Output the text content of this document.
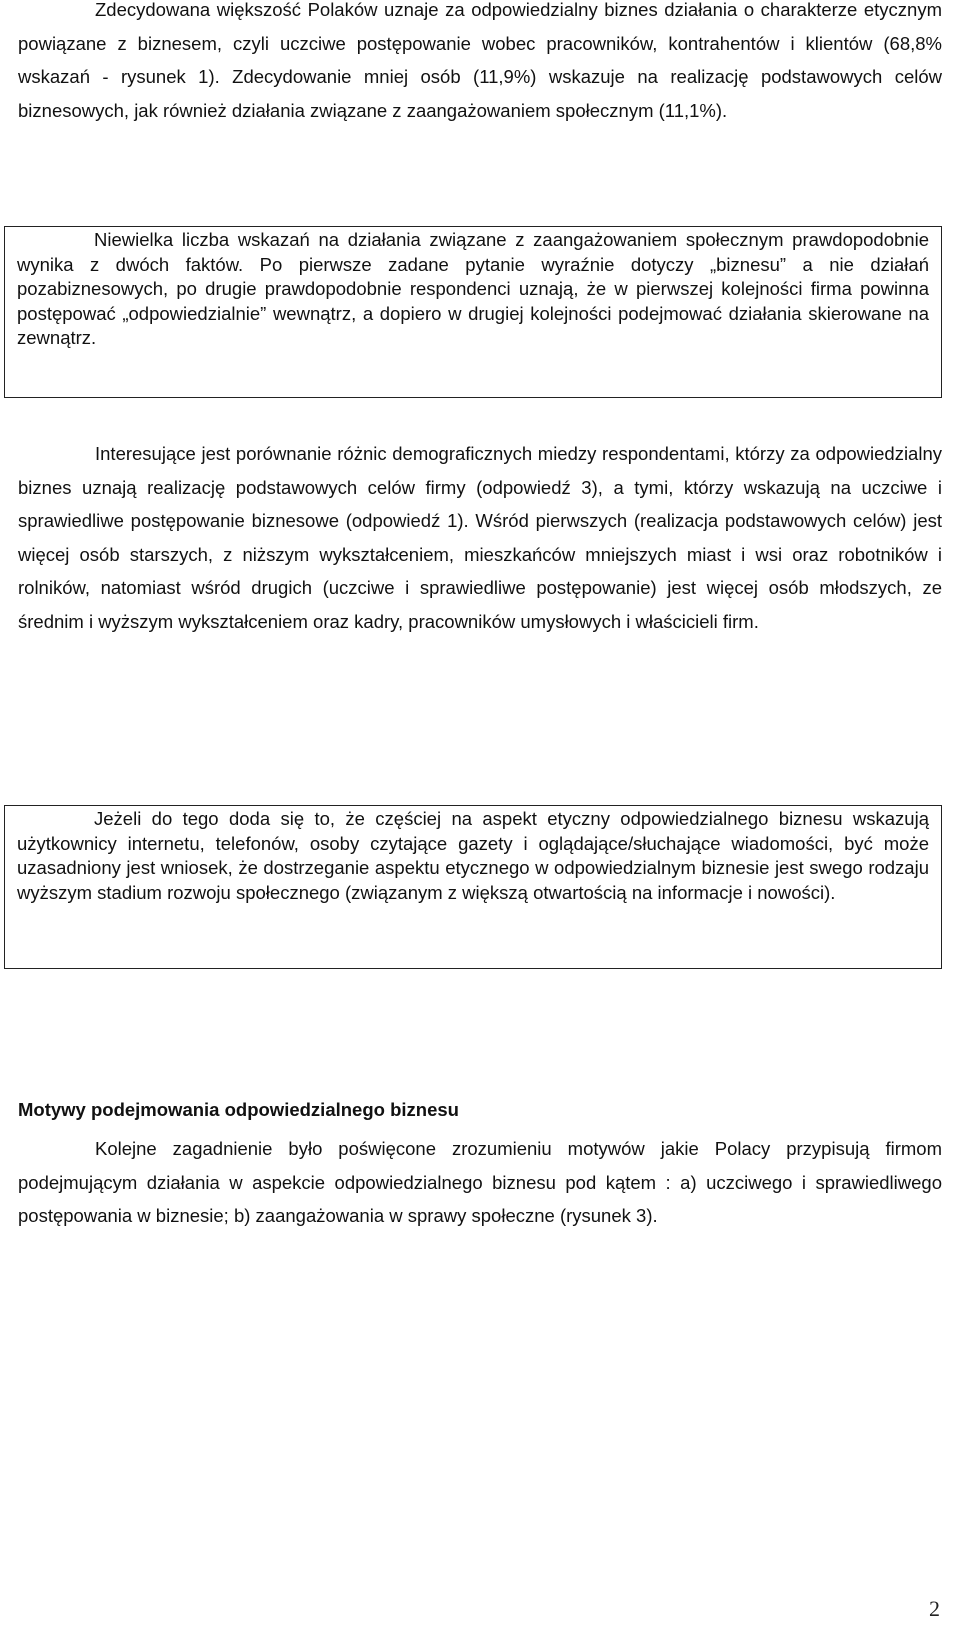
Zdecydowana większość Polaków uznaje za odpowiedzialny biznes działania o charakterze etycznym powiązane z biznesem, czyli uczciwe postępowanie wobec pracowników, kontrahentów i klientów (68,8% wskazań - rysunek 1). Zdecydowanie mniej osób (11,9%) wskazuje na realizację podstawowych celów biznesowych, jak również działania związane z zaangażowaniem społecznym (11,1%).

Niewielka liczba wskazań na działania związane z zaangażowaniem społecznym prawdopodobnie wynika z dwóch faktów. Po pierwsze zadane pytanie wyraźnie dotyczy „biznesu” a nie działań pozabiznesowych, po drugie prawdopodobnie respondenci uznają, że w pierwszej kolejności firma powinna postępować „odpowiedzialnie” wewnątrz, a dopiero w drugiej kolejności podejmować działania skierowane na zewnątrz.

Interesujące jest porównanie różnic demograficznych miedzy respondentami, którzy za odpowiedzialny biznes uznają realizację podstawowych celów firmy (odpowiedź 3), a tymi, którzy wskazują na uczciwe i sprawiedliwe postępowanie biznesowe (odpowiedź 1). Wśród pierwszych (realizacja podstawowych celów) jest więcej osób starszych, z niższym wykształceniem, mieszkańców mniejszych miast i wsi oraz robotników i rolników, natomiast wśród drugich (uczciwe i sprawiedliwe postępowanie) jest więcej osób młodszych, ze średnim i wyższym wykształceniem oraz kadry, pracowników umysłowych i właścicieli firm.

Jeżeli do tego doda się to, że częściej na aspekt etyczny odpowiedzialnego biznesu wskazują użytkownicy internetu, telefonów, osoby czytające gazety i oglądające/słuchające wiadomości, być może uzasadniony jest wniosek, że dostrzeganie aspektu etycznego w odpowiedzialnym biznesie jest swego rodzaju wyższym stadium rozwoju społecznego (związanym z większą otwartością na informacje i nowości).

Motywy podejmowania odpowiedzialnego biznesu

Kolejne zagadnienie było poświęcone zrozumieniu motywów jakie Polacy przypisują firmom podejmującym działania w aspekcie odpowiedzialnego biznesu pod kątem : a) uczciwego i sprawiedliwego postępowania w biznesie; b) zaangażowania w sprawy społeczne (rysunek 3).

2
